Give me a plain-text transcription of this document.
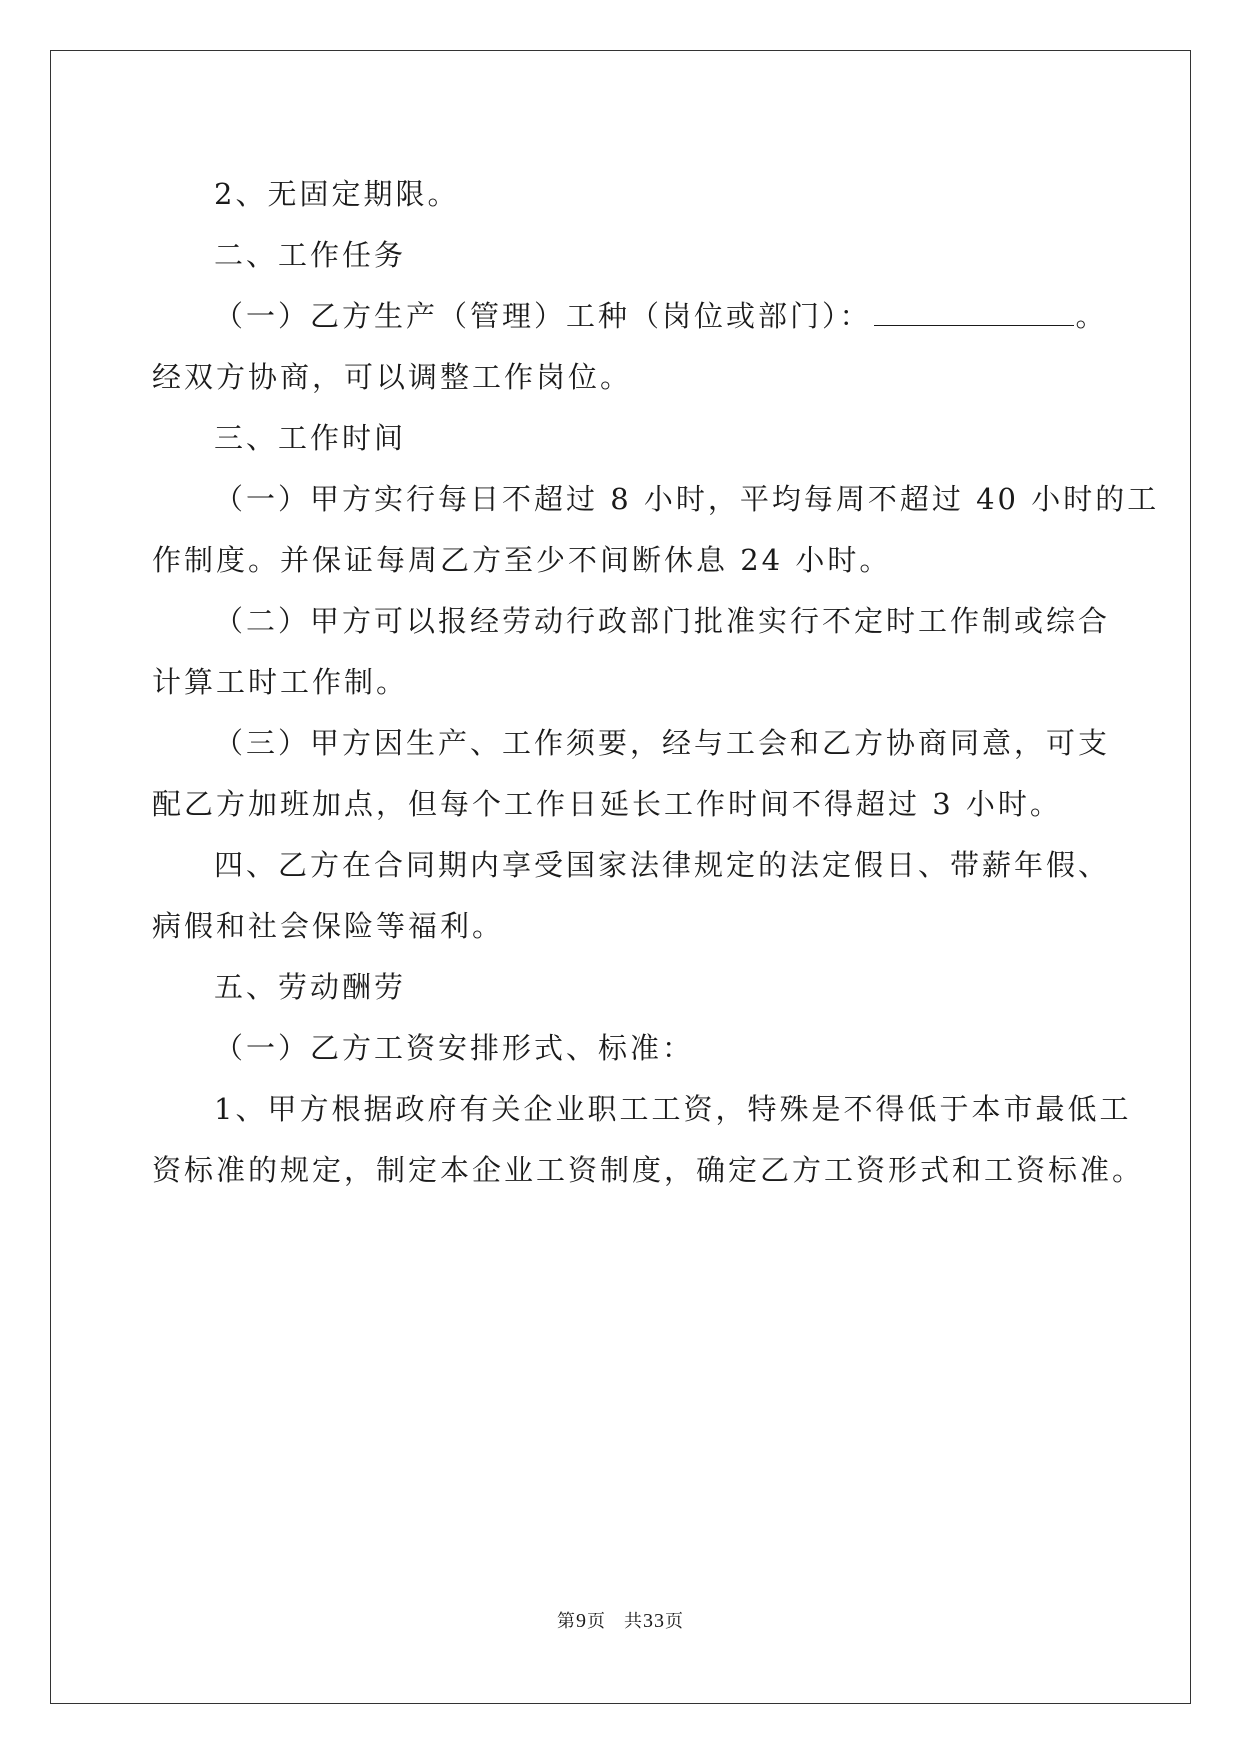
2、无固定期限。

二、工作任务

（一）乙方生产（管理）工种（岗位或部门）：	。

经双方协商，可以调整工作岗位。

三、工作时间

（一）甲方实行每日不超过 8 小时，平均每周不超过 40 小时的工

作制度。并保证每周乙方至少不间断休息 24 小时。

（二）甲方可以报经劳动行政部门批准实行不定时工作制或综合

计算工时工作制。

（三）甲方因生产、工作须要，经与工会和乙方协商同意，可支

配乙方加班加点，但每个工作日延长工作时间不得超过 3 小时。

四、乙方在合同期内享受国家法律规定的法定假日、带薪年假、

病假和社会保险等福利。

五、劳动酬劳

（一）乙方工资安排形式、标准：

1、甲方根据政府有关企业职工工资，特殊是不得低于本市最低工

资标准的规定，制定本企业工资制度，确定乙方工资形式和工资标准。

第9页 共33页
